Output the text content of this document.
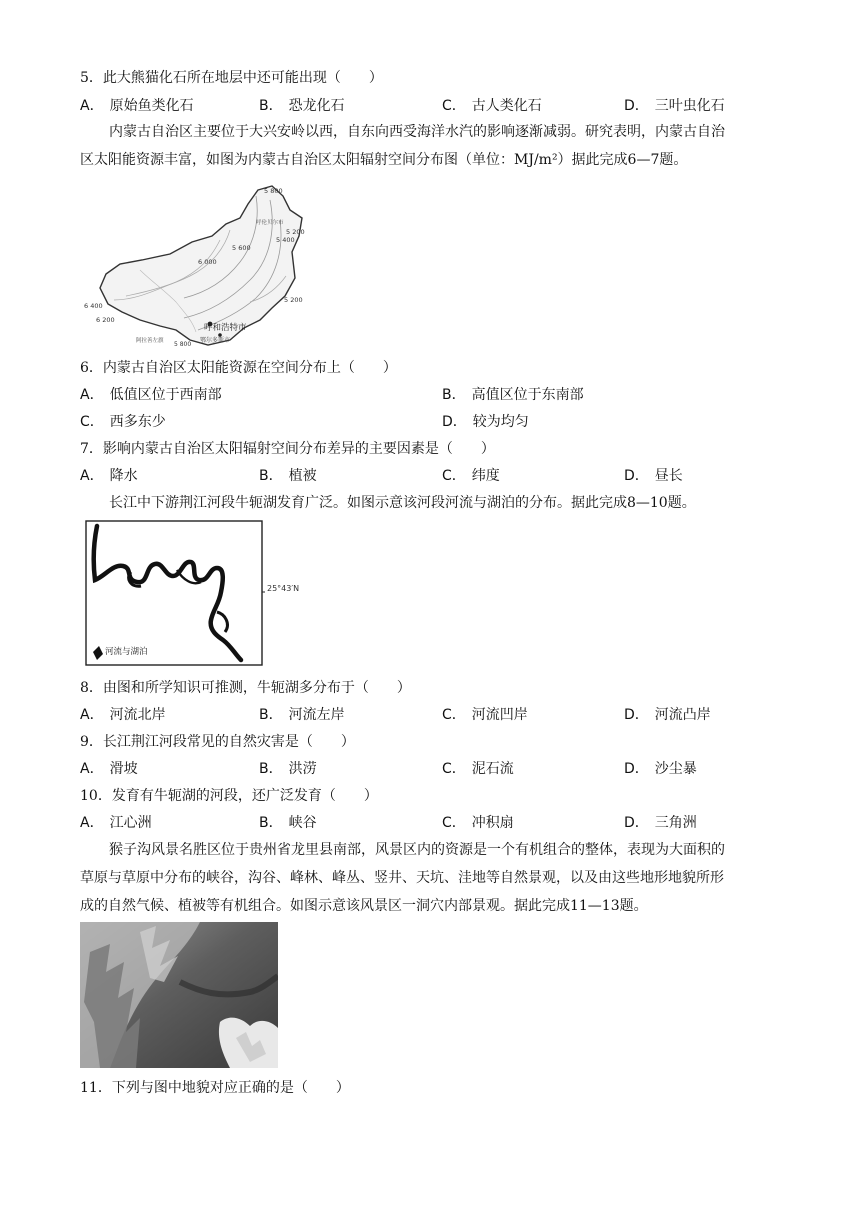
5．此大熊猫化石所在地层中还可能出现（　　）
A． 原始鱼类化石	B． 恐龙化石	C． 古人类化石	D． 三叶虫化石
内蒙古自治区主要位于大兴安岭以西，自东向西受海洋水汽的影响逐渐减弱。研究表明，内蒙古自治
区太阳能资源丰富，如图为内蒙古自治区太阳辐射空间分布图（单位：MJ/m²）据此完成6—7题。
5 800
5 200
5 400
5 600
6 000
6 400
6 200
5 200
5 800
呼伦贝尔市
呼和浩特市
鄂尔多斯市
阿拉善左旗
6．内蒙古自治区太阳能资源在空间分布上（　　）
A． 低值区位于西南部	B． 高值区位于东南部
C． 西多东少	D． 较为均匀
7．影响内蒙古自治区太阳辐射空间分布差异的主要因素是（　　）
A． 降水	B． 植被	C． 纬度	D． 昼长
长江中下游荆江河段牛轭湖发育广泛。如图示意该河段河流与湖泊的分布。据此完成8—10题。
25°43′N
河流与湖泊
8．由图和所学知识可推测，牛轭湖多分布于（　　）
A． 河流北岸	B． 河流左岸	C． 河流凹岸	D． 河流凸岸
9．长江荆江河段常见的自然灾害是（　　）
A． 滑坡	B． 洪涝	C． 泥石流	D． 沙尘暴
10．发育有牛轭湖的河段，还广泛发育（　　）
A． 江心洲	B． 峡谷	C． 冲积扇	D． 三角洲
猴子沟风景名胜区位于贵州省龙里县南部，风景区内的资源是一个有机组合的整体，表现为大面积的
草原与草原中分布的峡谷，沟谷、峰林、峰丛、竖井、天坑、洼地等自然景观，以及由这些地形地貌所形
成的自然气候、植被等有机组合。如图示意该风景区一洞穴内部景观。据此完成11—13题。
11．下列与图中地貌对应正确的是（　　）
